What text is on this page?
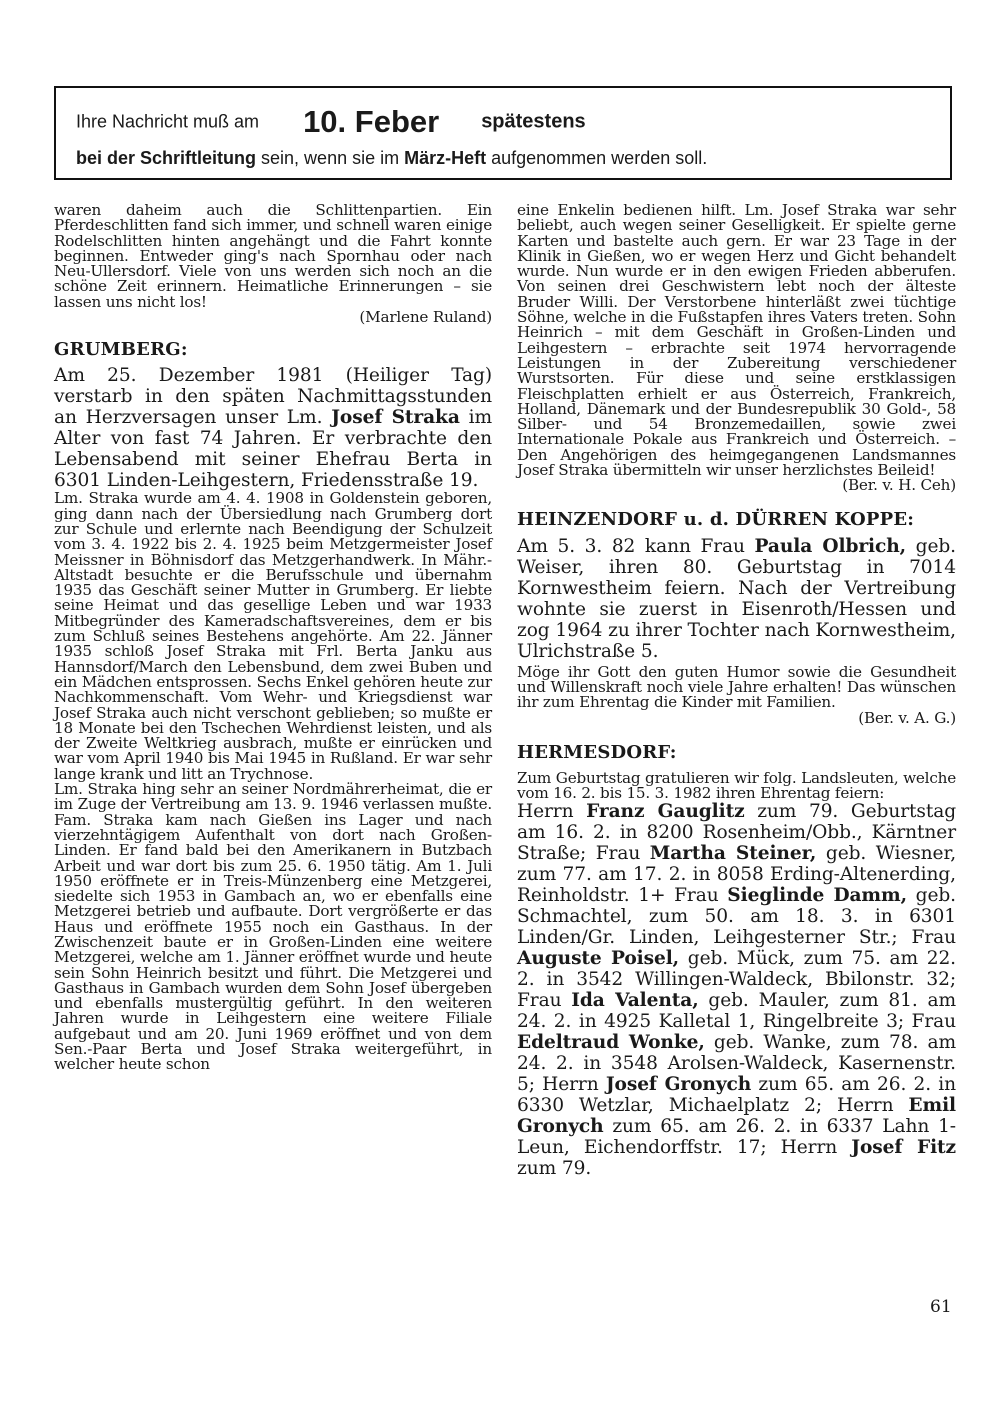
Ihre Nachricht muß am 10. Feber spätestens
bei der Schriftleitung sein, wenn sie im März-Heft aufgenommen werden soll.

waren daheim auch die Schlittenpartien. Ein Pferdeschlitten fand sich immer, und schnell waren einige Rodelschlitten hinten angehängt und die Fahrt konnte beginnen. Entweder ging's nach Spornhau oder nach Neu-Ullersdorf. Viele von uns werden sich noch an die schöne Zeit erinnern. Heimatliche Erinnerungen – sie lassen uns nicht los!
(Marlene Ruland)

GRUMBERG:

Am 25. Dezember 1981 (Heiliger Tag) verstarb in den späten Nachmittagsstunden an Herzversagen unser Lm. Josef Straka im Alter von fast 74 Jahren. Er verbrachte den Lebensabend mit seiner Ehefrau Berta in 6301 Linden-Leihgestern, Friedensstraße 19.

Lm. Straka wurde am 4. 4. 1908 in Goldenstein geboren, ging dann nach der Übersiedlung nach Grumberg dort zur Schule und erlernte nach Beendigung der Schulzeit vom 3. 4. 1922 bis 2. 4. 1925 beim Metzgermeister Josef Meissner in Böhnisdorf das Metzgerhandwerk. In Mähr.-Altstadt besuchte er die Berufsschule und übernahm 1935 das Geschäft seiner Mutter in Grumberg. Er liebte seine Heimat und das gesellige Leben und war 1933 Mitbegründer des Kameradschaftsvereines, dem er bis zum Schluß seines Bestehens angehörte. Am 22. Jänner 1935 schloß Josef Straka mit Frl. Berta Janku aus Hannsdorf/March den Lebensbund, dem zwei Buben und ein Mädchen entsprossen. Sechs Enkel gehören heute zur Nachkommenschaft. Vom Wehr- und Kriegsdienst war Josef Straka auch nicht verschont geblieben; so mußte er 18 Monate bei den Tschechen Wehrdienst leisten, und als der Zweite Weltkrieg ausbrach, mußte er einrücken und war vom April 1940 bis Mai 1945 in Rußland. Er war sehr lange krank und litt an Trychnose.

Lm. Straka hing sehr an seiner Nordmährerheimat, die er im Zuge der Vertreibung am 13. 9. 1946 verlassen mußte. Fam. Straka kam nach Gießen ins Lager und nach vierzehntägigem Aufenthalt von dort nach Großen-Linden. Er fand bald bei den Amerikanern in Butzbach Arbeit und war dort bis zum 25. 6. 1950 tätig. Am 1. Juli 1950 eröffnete er in Treis-Münzenberg eine Metzgerei, siedelte sich 1953 in Gambach an, wo er ebenfalls eine Metzgerei betrieb und aufbaute. Dort vergrößerte er das Haus und eröffnete 1955 noch ein Gasthaus. In der Zwischenzeit baute er in Großen-Linden eine weitere Metzgerei, welche am 1. Jänner eröffnet wurde und heute sein Sohn Heinrich besitzt und führt. Die Metzgerei und Gasthaus in Gambach wurden dem Sohn Josef übergeben und ebenfalls mustergültig geführt. In den weiteren Jahren wurde in Leihgestern eine weitere Filiale aufgebaut und am 20. Juni 1969 eröffnet und von dem Sen.-Paar Berta und Josef Straka weitergeführt, in welcher heute schon

eine Enkelin bedienen hilft. Lm. Josef Straka war sehr beliebt, auch wegen seiner Geselligkeit. Er spielte gerne Karten und bastelte auch gern. Er war 23 Tage in der Klinik in Gießen, wo er wegen Herz und Gicht behandelt wurde. Nun wurde er in den ewigen Frieden abberufen. Von seinen drei Geschwistern lebt noch der älteste Bruder Willi. Der Verstorbene hinterläßt zwei tüchtige Söhne, welche in die Fußstapfen ihres Vaters treten. Sohn Heinrich – mit dem Geschäft in Großen-Linden und Leihgestern – erbrachte seit 1974 hervorragende Leistungen in der Zubereitung verschiedener Wurstsorten. Für diese und seine erstklassigen Fleischplatten erhielt er aus Österreich, Frankreich, Holland, Dänemark und der Bundesrepublik 30 Gold-, 58 Silber- und 54 Bronzemedaillen, sowie zwei Internationale Pokale aus Frankreich und Österreich. – Den Angehörigen des heimgegangenen Landsmannes Josef Straka übermitteln wir unser herzlichstes Beileid!
(Ber. v. H. Ceh)

HEINZENDORF u. d. DÜRREN KOPPE:

Am 5. 3. 82 kann Frau Paula Olbrich, geb. Weiser, ihren 80. Geburtstag in 7014 Kornwestheim feiern. Nach der Vertreibung wohnte sie zuerst in Eisenroth/Hessen und zog 1964 zu ihrer Tochter nach Kornwestheim, Ulrichstraße 5.

Möge ihr Gott den guten Humor sowie die Gesundheit und Willenskraft noch viele Jahre erhalten! Das wünschen ihr zum Ehrentag die Kinder mit Familien.
(Ber. v. A. G.)

HERMESDORF:

Zum Geburtstag gratulieren wir folg. Landsleuten, welche vom 16. 2. bis 15. 3. 1982 ihren Ehrentag feiern:

Herrn Franz Gauglitz zum 79. Geburtstag am 16. 2. in 8200 Rosenheim/Obb., Kärntner Straße; Frau Martha Steiner, geb. Wiesner, zum 77. am 17. 2. in 8058 Erding-Altenerding, Reinholdstr. 1+ Frau Sieglinde Damm, geb. Schmachtel, zum 50. am 18. 3. in 6301 Linden/Gr. Linden, Leihgesterner Str.; Frau Auguste Poisel, geb. Mück, zum 75. am 22. 2. in 3542 Willingen-Waldeck, Bbilonstr. 32; Frau Ida Valenta, geb. Mauler, zum 81. am 24. 2. in 4925 Kalletal 1, Ringelbreite 3; Frau Edeltraud Wonke, geb. Wanke, zum 78. am 24. 2. in 3548 Arolsen-Waldeck, Kasernenstr. 5; Herrn Josef Gronych zum 65. am 26. 2. in 6330 Wetzlar, Michaelplatz 2; Herrn Emil Gronych zum 65. am 26. 2. in 6337 Lahn 1-Leun, Eichendorffstr. 17; Herrn Josef Fitz zum 79.

61
